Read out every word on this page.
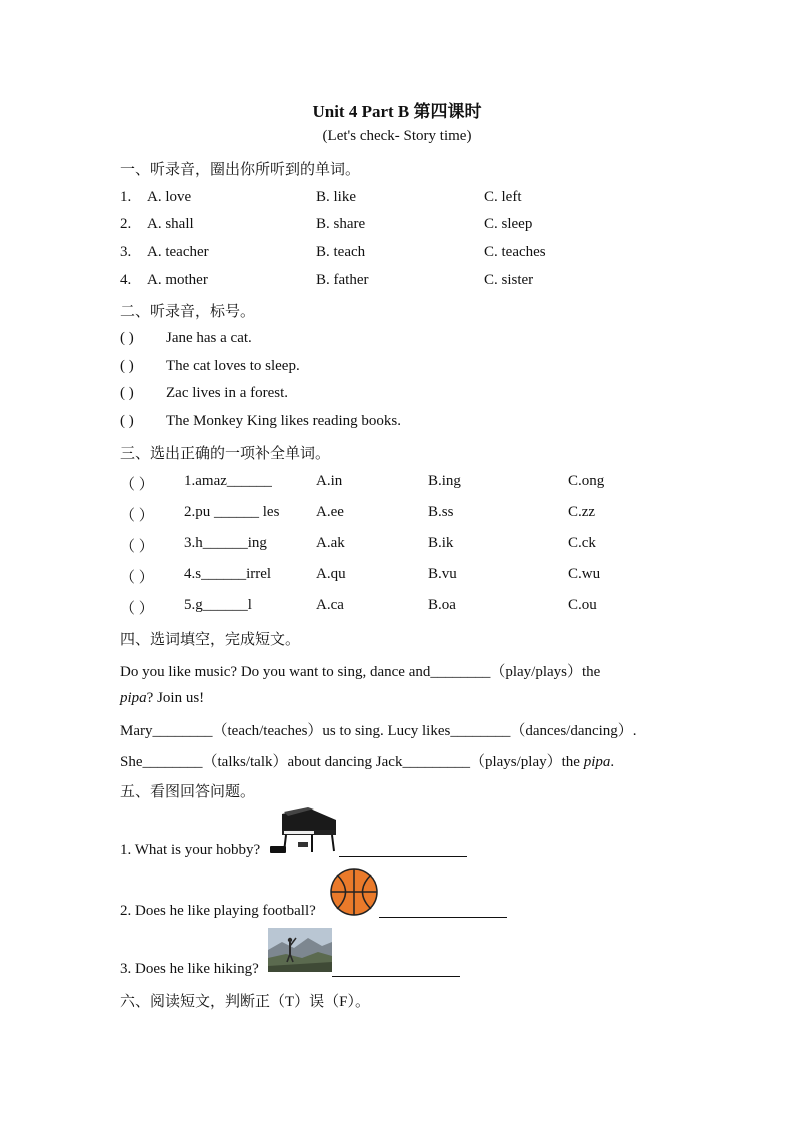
Unit 4 Part B 第四课时
(Let's check- Story time)
一、听录音，圈出你所听到的单词。
1. A. love	B. like	C. left
2. A. shall	B. share	C. sleep
3. A. teacher	B. teach	C. teaches
4. A. mother	B. father	C. sister
二、听录音，标号。
( ) Jane has a cat.
( ) The cat loves to sleep.
( ) Zac lives in a forest.
( ) The Monkey King likes reading books.
三、选出正确的一项补全单词。
（ ） 1.amaz______	A.in	B.ing	C.ong
（ ） 2.pu ______ les A.ee	B.ss	C.zz
（ ） 3.h______ing	A.ak	B.ik	C.ck
（ ） 4.s______irrel	A.qu	B.vu	C.wu
（ ） 5.g______l	A.ca	B.oa	C.ou
四、选词填空，完成短文。
Do you like music? Do you want to sing, dance and________（play/plays）the
pipa? Join us!
Mary________（teach/teaches）us to sing. Lucy likes________（dances/dancing）.
She________（talks/talk）about dancing Jack_________（plays/play）the pipa.
五、看图回答问题。
1. What is your hobby?
2. Does he like playing football?
3. Does he like hiking?
六、阅读短文，判断正（T）误（F）。
